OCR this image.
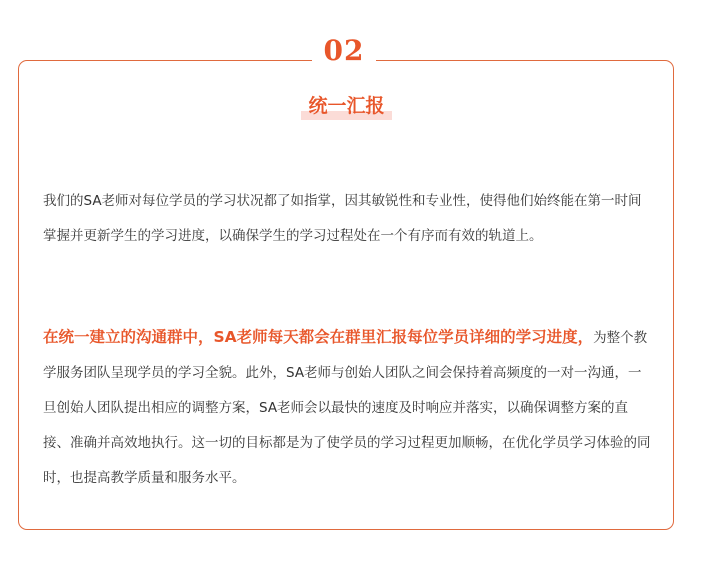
02
统一汇报

我们的SA老师对每位学员的学习状况都了如指掌，因其敏锐性和专业性，使得他们始终能在第一时间掌握并更新学生的学习进度，以确保学生的学习过程处在一个有序而有效的轨道上。

在统一建立的沟通群中，SA老师每天都会在群里汇报每位学员详细的学习进度，为整个教学服务团队呈现学员的学习全貌。此外，SA老师与创始人团队之间会保持着高频度的一对一沟通，一旦创始人团队提出相应的调整方案，SA老师会以最快的速度及时响应并落实，以确保调整方案的直接、准确并高效地执行。这一切的目标都是为了使学员的学习过程更加顺畅，在优化学员学习体验的同时，也提高教学质量和服务水平。
